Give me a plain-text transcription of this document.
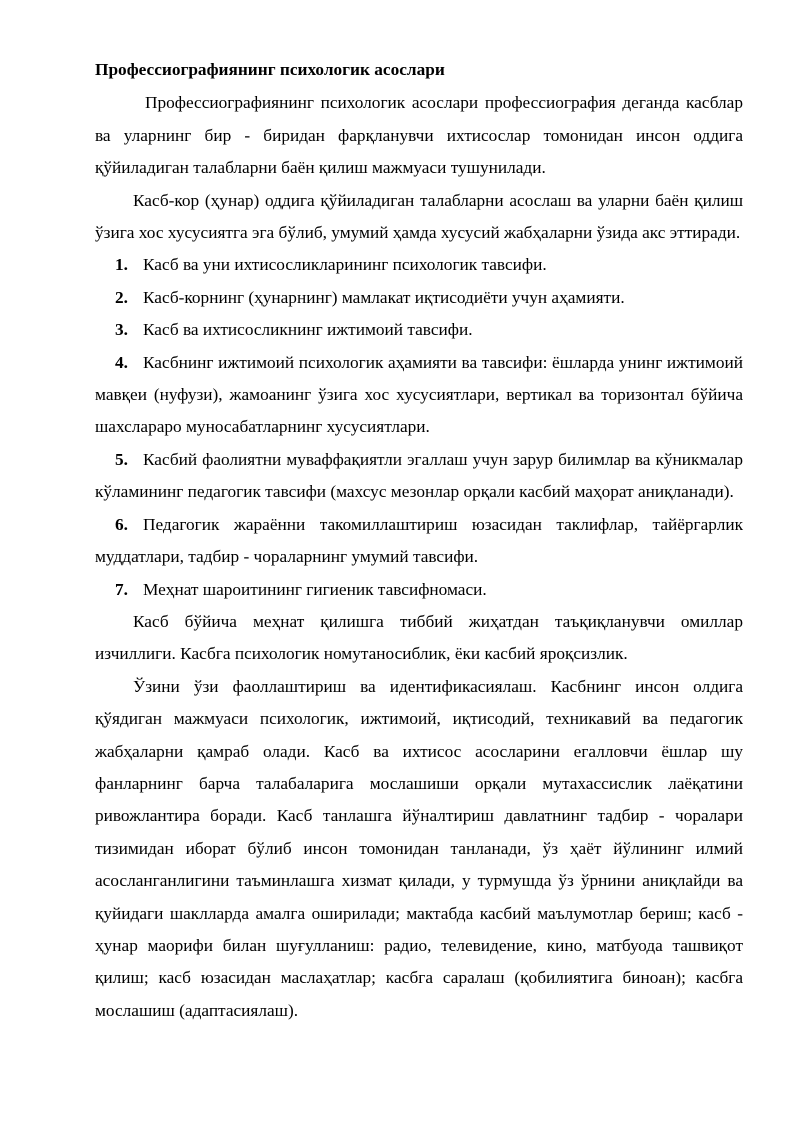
Профессиографиянинг психологик асослари

Профессиографиянинг психологик асослари профессиография деганда касблар ва уларнинг бир - биридан фарқланувчи ихтисослар томонидан инсон оддига қўйиладиган талабларни баён қилиш мажмуаси тушунилади.

Касб-кор (ҳунар) оддига қўйиладиган талабларни асослаш ва уларни баён қилиш ўзига хос хусусиятга эга бўлиб, умумий ҳамда хусусий жабҳаларни ўзида акс эттиради.

1. Касб ва уни ихтисосликларининг психологик тавсифи.
2. Касб-корнинг (ҳунарнинг) мамлакат иқтисодиёти учун аҳамияти.
3. Касб ва ихтисосликнинг ижтимоий тавсифи.
4. Касбнинг ижтимоий психологик аҳамияти ва тавсифи: ёшларда унинг ижтимоий мавқеи (нуфузи), жамоанинг ўзига хос хусусиятлари, вертикал ва торизонтал бўйича шахслараро муносабатларнинг хусусиятлари.
5. Касбий фаолиятни муваффақиятли эгаллаш учун зарур билимлар ва кўникмалар кўламининг педагогик тавсифи (махсус мезонлар орқали касбий маҳорат аниқланади).
6. Педагогик жараённи такомиллаштириш юзасидан таклифлар, тайёргарлик муддатлари, тадбир - чораларнинг умумий тавсифи.
7. Меҳнат шароитининг гигиеник тавсифномаси.

Касб бўйича меҳнат қилишга тиббий жиҳатдан таъқиқланувчи омиллар изчиллиги. Касбга психологик номутаносиблик, ёки касбий яроқсизлик.

Ўзини ўзи фаоллаштириш ва идентификасиялаш. Касбнинг инсон олдига қўядиган мажмуаси психологик, ижтимоий, иқтисодий, техникавий ва педагогик жабҳаларни қамраб олади. Касб ва ихтисос асосларини егалловчи ёшлар шу фанларнинг барча талабаларига мослашиши орқали мутахассислик лаёқатини ривожлантира боради. Касб танлашга йўналтириш давлатнинг тадбир - чоралари тизимидан иборат бўлиб инсон томонидан танланади, ўз ҳаёт йўлининг илмий асосланганлигини таъминлашга хизмат қилади, у турмушда ўз ўрнини аниқлайди ва қуйидаги шаклларда амалга оширилади; мактабда касбий маълумотлар бериш; касб - ҳунар маорифи билан шуғулланиш: радио, телевидение, кино, матбуода ташвиқот қилиш; касб юзасидан маслаҳатлар; касбга саралаш (қобилиятига биноан); касбга мослашиш (адаптасиялаш).
